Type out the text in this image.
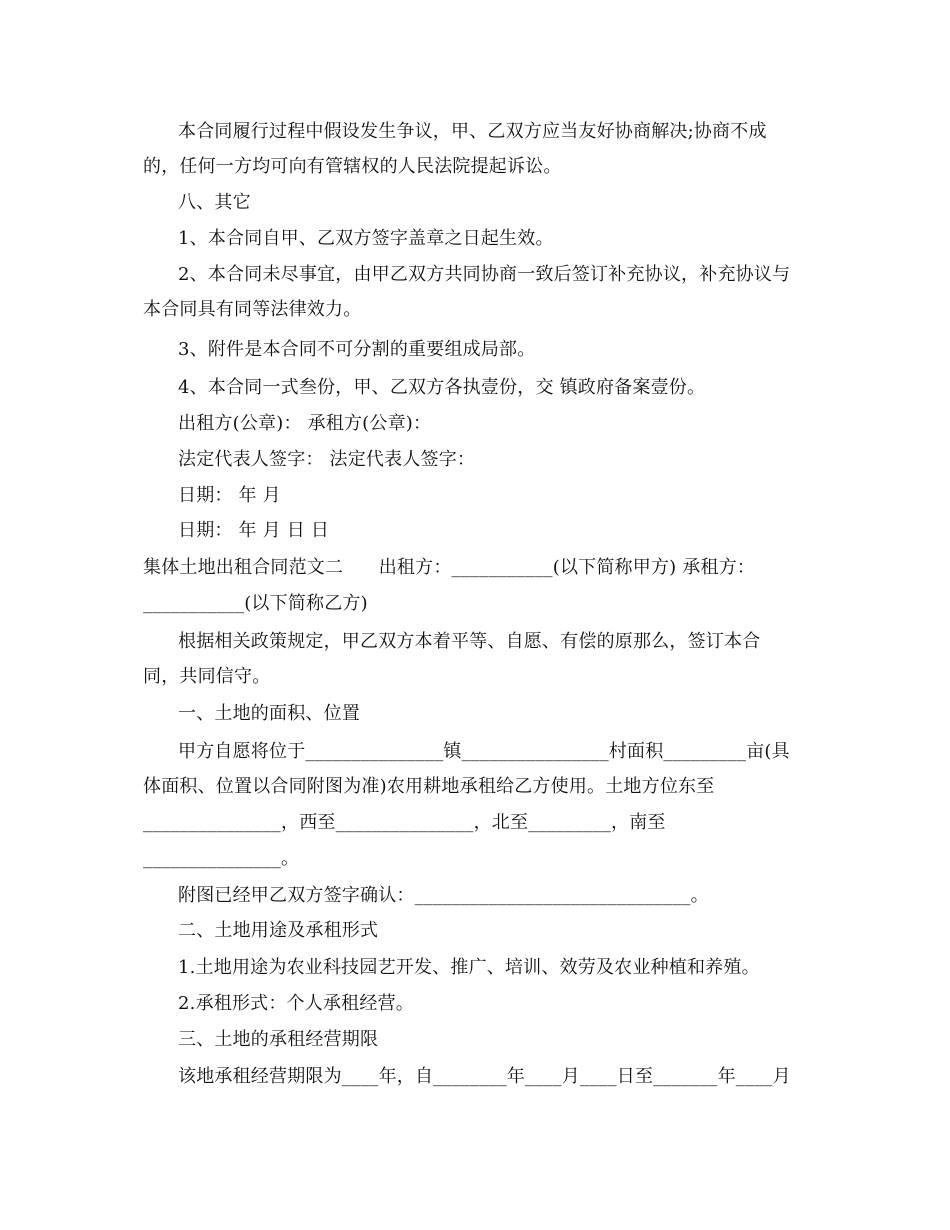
本合同履行过程中假设发生争议，甲、乙双方应当友好协商解决;协商不成
的，任何一方均可向有管辖权的人民法院提起诉讼。
八、其它
1、本合同自甲、乙双方签字盖章之日起生效。
2、本合同未尽事宜，由甲乙双方共同协商一致后签订补充协议，补充协议与
本合同具有同等法律效力。
3、附件是本合同不可分割的重要组成局部。
4、本合同一式叁份，甲、乙双方各执壹份，交 镇政府备案壹份。
出租方(公章)： 承租方(公章)：
法定代表人签字： 法定代表人签字：
日期： 年 月
日期： 年 月 日 日
集体土地出租合同范文二      出租方：___________(以下简称甲方) 承租方：
___________(以下简称乙方)
根据相关政策规定，甲乙双方本着平等、自愿、有偿的原那么，签订本合
同，共同信守。
一、土地的面积、位置
甲方自愿将位于_______________镇________________村面积_________亩(具
体面积、位置以合同附图为准)农用耕地承租给乙方使用。土地方位东至
_______________，西至_______________，北至_________，南至
_______________。
附图已经甲乙双方签字确认：______________________________。
二、土地用途及承租形式
1.土地用途为农业科技园艺开发、推广、培训、效劳及农业种植和养殖。
2.承租形式：个人承租经营。
三、土地的承租经营期限
该地承租经营期限为____年，自________年____月____日至_______年____月
